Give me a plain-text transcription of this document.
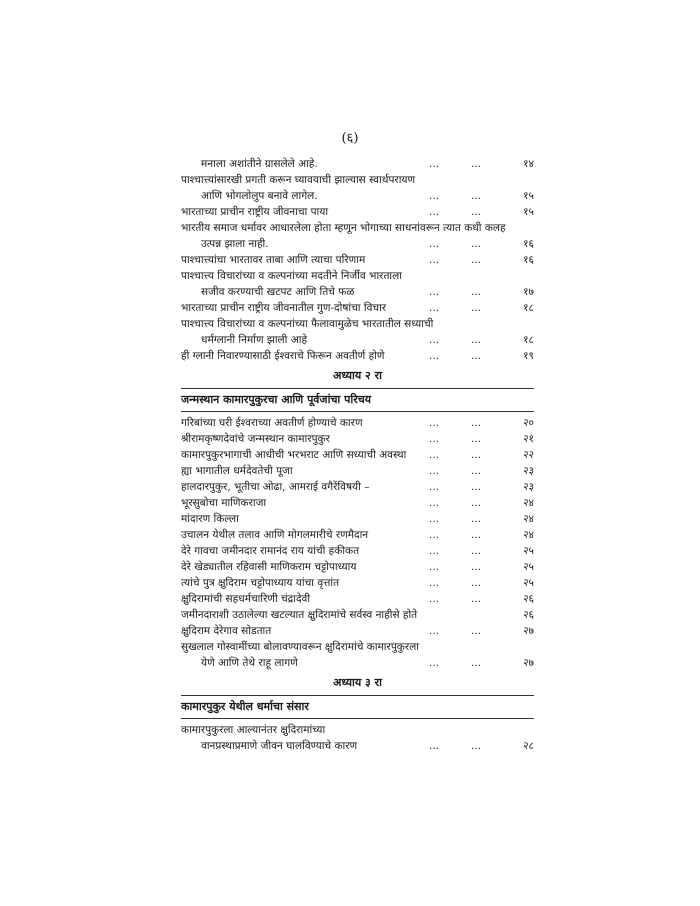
(६)
मनाला अशांतीने ग्रासलेले आहे.	...	...	१४
पाश्चात्त्यांसारखी प्रगती करून घ्यावयाची झाल्यास स्वार्थपरायण
आणि भोगलोलुप बनावे लागेल.	...	...	१५
भारताच्या प्राचीन राष्ट्रीय जीवनाचा पाया	...	...	१५
भारतीय समाज धर्मावर आधारलेला होता म्हणून भोगाच्या साधनांवरून त्यात कधी कलह
उत्पन्न झाला नाही.	...	...	१६
पाश्चात्त्यांचा भारतावर ताबा आणि त्याचा परिणाम	...	...	१६
पाश्चात्त्य विचारांच्या व कल्पनांच्या मदतीने निर्जीव भारताला
सजीव करण्याची खटपट आणि तिचे फळ	...	...	१७
भारताच्या प्राचीन राष्ट्रीय जीवनातील गुण-दोषांचा विचार	...	...	१८
पाश्चात्त्य विचारांच्या व कल्पनांच्या फैलावामुळेच भारतातील सध्याची
धर्मग्लानी निर्माण झाली आहे	...	...	१८
ही ग्लानी निवारण्यासाठी ईश्वराचे फिरून अवतीर्ण होणे	...	...	१९
अध्याय २ रा
जन्मस्थान कामारपुकुरचा आणि पूर्वजांचा परिचय
गरिबांच्या घरी ईश्वराच्या अवतीर्ण होण्याचे कारण	...	...	२०
श्रीरामकृष्णदेवांचे जन्मस्थान कामारपुकुर	...	...	२१
कामारपुकुरभागाची आधीची भरभराट आणि सध्याची अवस्था ...	...	२२
ह्या भागातील धर्मदेवतेची पूजा	...	...	२३
हालदारपुकुर, भूतीचा ओढा, आमराई वगैरेंविषयी –	...	...	२३
भूरसुबोचा माणिकराजा	...	...	२४
मांदारण किल्ला	...	...	२४
उचालन येथील तलाव आणि मोगलमारीचे रणमैदान	...	...	२४
देरे गावचा जमीनदार रामानंद राय यांची हकीकत	...	...	२५
देरे खेड्यातील रहिवासी माणिकराम चट्टोपाध्याय	...	...	२५
त्यांचे पुत्र क्षुदिराम चट्टोपाध्याय यांचा वृत्तांत	...	...	२५
क्षुदिरामांची सहधर्मचारिणी चंद्रादेवी	...	...	२६
जमीनदाराशी उठालेल्या खटल्यात क्षुदिरामांचे सर्वस्व नाहीसे होते	२६
क्षुदिराम देरेगाव सोडतात	...	...	२७
सुखलाल गोस्वामींच्या बोलावण्यावरून क्षुदिरामांचे कामारपुकुरला
येणे आणि तेथे राहू लागणे	...	...	२७
अध्याय ३ रा
कामारपुकुर येथील धर्माचा संसार
कामारपुकुरला आल्यानंतर क्षुदिरामांच्या
वानप्रस्थाप्रमाणे जीवन घालविण्याचे कारण	...	...	२८
